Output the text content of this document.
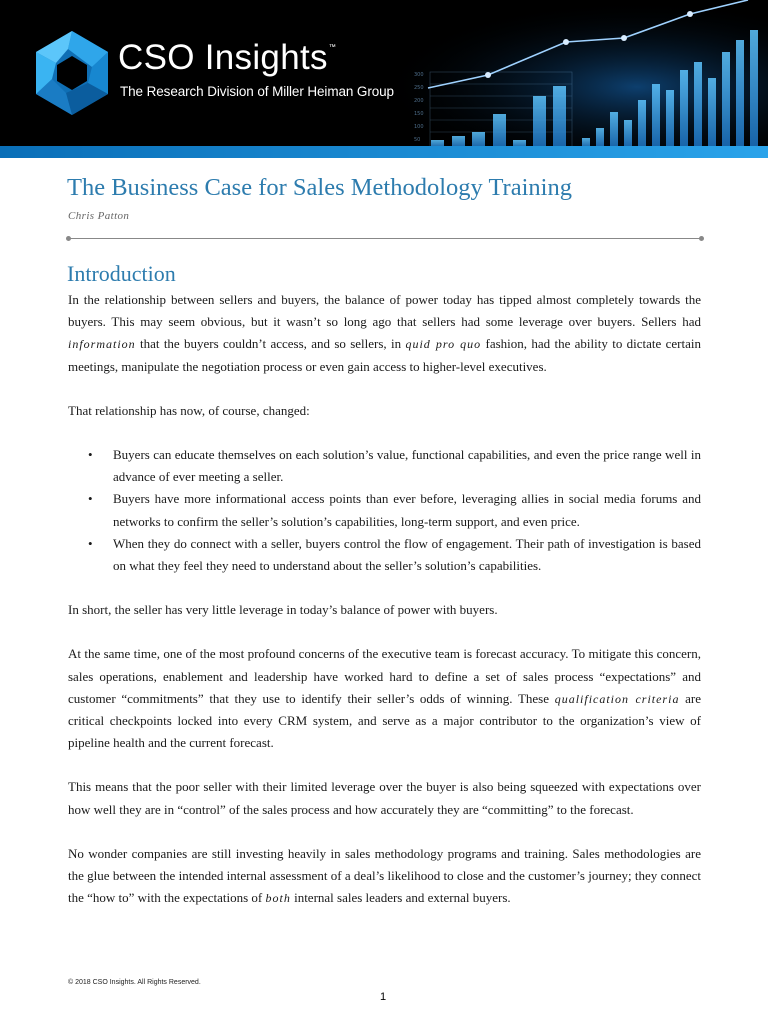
300
250
200
150
100
50
CSO Insights™
The Research Division of Miller Heiman Group
The Business Case for Sales Methodology Training
Chris Patton
Introduction

In the relationship between sellers and buyers, the balance of power today has tipped almost completely towards the buyers. This may seem obvious, but it wasn’t so long ago that sellers had some leverage over buyers. Sellers had information that the buyers couldn’t access, and so sellers, in quid pro quo fashion, had the ability to dictate certain meetings, manipulate the negotiation process or even gain access to higher-level executives.

That relationship has now, of course, changed:

• Buyers can educate themselves on each solution’s value, functional capabilities, and even the price range well in advance of ever meeting a seller.
• Buyers have more informational access points than ever before, leveraging allies in social media forums and networks to confirm the seller’s solution’s capabilities, long-term support, and even price.
• When they do connect with a seller, buyers control the flow of engagement. Their path of investigation is based on what they feel they need to understand about the seller’s solution’s capabilities.

In short, the seller has very little leverage in today’s balance of power with buyers.

At the same time, one of the most profound concerns of the executive team is forecast accuracy. To mitigate this concern, sales operations, enablement and leadership have worked hard to define a set of sales process “expectations” and customer “commitments” that they use to identify their seller’s odds of winning. These qualification criteria are critical checkpoints locked into every CRM system, and serve as a major contributor to the organization’s view of pipeline health and the current forecast.

This means that the poor seller with their limited leverage over the buyer is also being squeezed with expectations over how well they are in “control” of the sales process and how accurately they are “committing” to the forecast.

No wonder companies are still investing heavily in sales methodology programs and training. Sales methodologies are the glue between the intended internal assessment of a deal’s likelihood to close and the customer’s journey; they connect the “how to” with the expectations of both internal sales leaders and external buyers.

© 2018 CSO Insights. All Rights Reserved.
1
